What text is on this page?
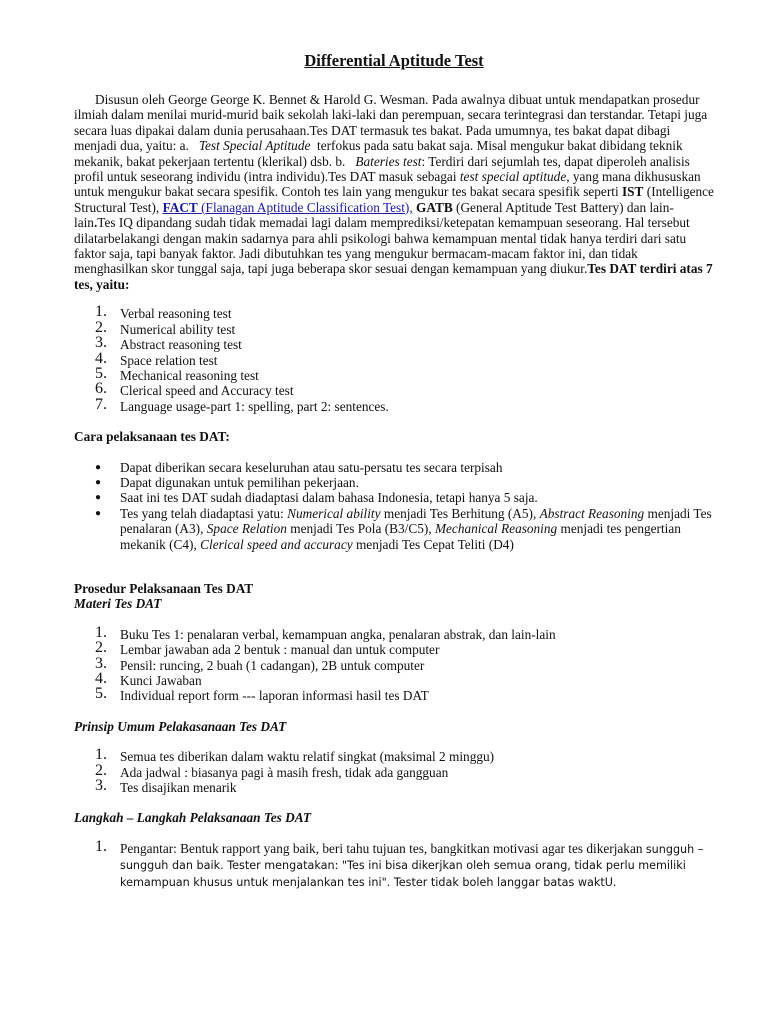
Differential Aptitude Test

Disusun oleh George George K. Bennet & Harold G. Wesman. Pada awalnya dibuat untuk mendapatkan prosedur ilmiah dalam menilai murid-murid baik sekolah laki-laki dan perempuan, secara terintegrasi dan terstandar. Tetapi juga secara luas dipakai dalam dunia perusahaan.Tes DAT termasuk tes bakat. Pada umumnya, tes bakat dapat dibagi menjadi dua, yaitu: a. Test Special Aptitude terfokus pada satu bakat saja. Misal mengukur bakat dibidang teknik mekanik, bakat pekerjaan tertentu (klerikal) dsb. b. Bateries test: Terdiri dari sejumlah tes, dapat diperoleh analisis profil untuk seseorang individu (intra individu).Tes DAT masuk sebagai test special aptitude, yang mana dikhususkan untuk mengukur bakat secara spesifik. Contoh tes lain yang mengukur tes bakat secara spesifik seperti IST (Intelligence Structural Test), FACT (Flanagan Aptitude Classification Test), GATB (General Aptitude Test Battery) dan lain-lain.Tes IQ dipandang sudah tidak memadai lagi dalam memprediksi/ketepatan kemampuan seseorang. Hal tersebut dilatarbelakangi dengan makin sadarnya para ahli psikologi bahwa kemampuan mental tidak hanya terdiri dari satu faktor saja, tapi banyak faktor. Jadi dibutuhkan tes yang mengukur bermacam-macam faktor ini, dan tidak menghasilkan skor tunggal saja, tapi juga beberapa skor sesuai dengan kemampuan yang diukur.Tes DAT terdiri atas 7 tes, yaitu:

1. Verbal reasoning test
2. Numerical ability test
3. Abstract reasoning test
4. Space relation test
5. Mechanical reasoning test
6. Clerical speed and Accuracy test
7. Language usage-part 1: spelling, part 2: sentences.
Cara pelaksanaan tes DAT:
● Dapat diberikan secara keseluruhan atau satu-persatu tes secara terpisah
● Dapat digunakan untuk pemilihan pekerjaan.
● Saat ini tes DAT sudah diadaptasi dalam bahasa Indonesia, tetapi hanya 5 saja.
● Tes yang telah diadaptasi yatu: Numerical ability menjadi Tes Berhitung (A5), Abstract Reasoning menjadi Tes penalaran (A3), Space Relation menjadi Tes Pola (B3/C5), Mechanical Reasoning menjadi tes pengertian mekanik (C4), Clerical speed and accuracy menjadi Tes Cepat Teliti (D4)
Prosedur Pelaksanaan Tes DAT
Materi Tes DAT
1. Buku Tes 1: penalaran verbal, kemampuan angka, penalaran abstrak, dan lain-lain
2. Lembar jawaban ada 2 bentuk : manual dan untuk computer
3. Pensil: runcing, 2 buah (1 cadangan), 2B untuk computer
4. Kunci Jawaban
5. Individual report form --- laporan informasi hasil tes DAT
Prinsip Umum Pelakasanaan Tes DAT
1. Semua tes diberikan dalam waktu relatif singkat (maksimal 2 minggu)
2. Ada jadwal : biasanya pagi à masih fresh, tidak ada gangguan
3. Tes disajikan menarik
Langkah – Langkah Pelaksanaan Tes DAT
1. Pengantar: Bentuk rapport yang baik, beri tahu tujuan tes, bangkitkan motivasi agar tes dikerjakan sungguh – sungguh dan baik. Tester mengatakan: "Tes ini bisa dikerjkan oleh semua orang, tidak perlu memiliki kemampuan khusus untuk menjalankan tes ini". Tester tidak boleh langgar batas waktU.
